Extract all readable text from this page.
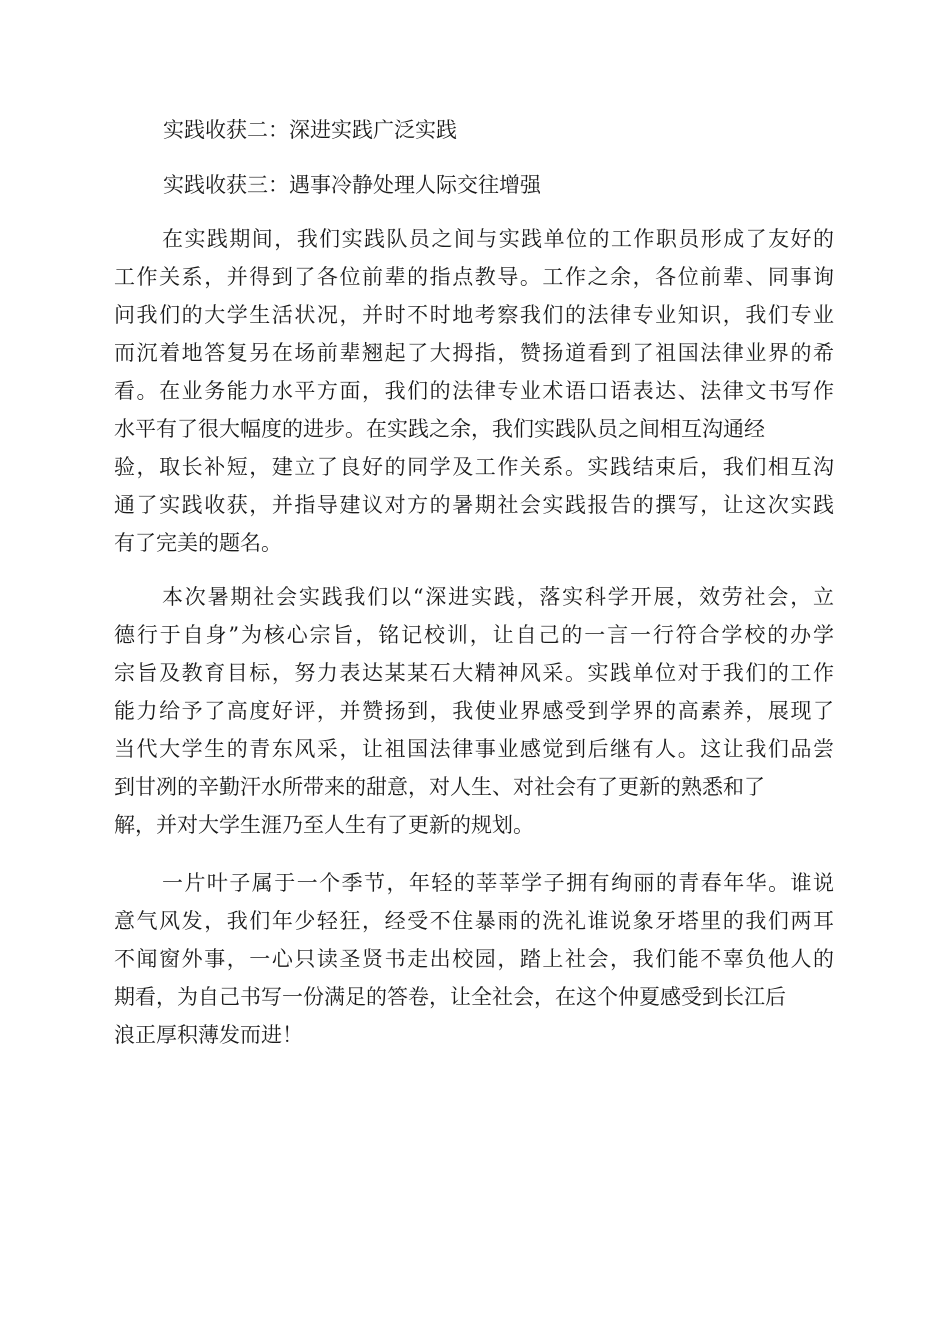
实践收获二：深进实践广泛实践

实践收获三：遇事冷静处理人际交往增强

在实践期间，我们实践队员之间与实践单位的工作职员形成了友好的
工作关系，并得到了各位前辈的指点教导。工作之余，各位前辈、同事询
问我们的大学生活状况，并时不时地考察我们的法律专业知识，我们专业
而沉着地答复另在场前辈翘起了大拇指，赞扬道看到了祖国法律业界的希
看。在业务能力水平方面，我们的法律专业术语口语表达、法律文书写作
水平有了很大幅度的进步。在实践之余，我们实践队员之间相互沟通经
验，取长补短，建立了良好的同学及工作关系。实践结束后，我们相互沟
通了实践收获，并指导建议对方的暑期社会实践报告的撰写，让这次实践
有了完美的题名。
本次暑期社会实践我们以“深进实践，落实科学开展，效劳社会，立
德行于自身”为核心宗旨，铭记校训，让自己的一言一行符合学校的办学
宗旨及教育目标，努力表达某某石大精神风采。实践单位对于我们的工作
能力给予了高度好评，并赞扬到，我使业界感受到学界的高素养，展现了
当代大学生的青东风采，让祖国法律事业感觉到后继有人。这让我们品尝
到甘冽的辛勤汗水所带来的甜意，对人生、对社会有了更新的熟悉和了
解，并对大学生涯乃至人生有了更新的规划。
一片叶子属于一个季节，年轻的莘莘学子拥有绚丽的青春年华。谁说
意气风发，我们年少轻狂，经受不住暴雨的洗礼谁说象牙塔里的我们两耳
不闻窗外事，一心只读圣贤书走出校园，踏上社会，我们能不辜负他人的
期看，为自己书写一份满足的答卷，让全社会，在这个仲夏感受到长江后
浪正厚积薄发而进！
